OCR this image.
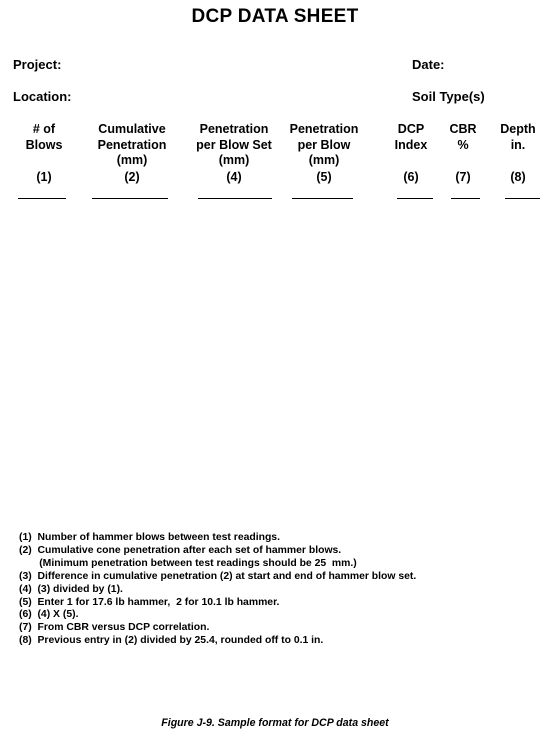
DCP DATA SHEET
Project:	Date:
Location:	Soil Type(s)
# of
Blows
(1)
Cumulative
Penetration
(mm)
(2)
Penetration
per Blow Set
(mm)
(4)
Penetration
per Blow
(mm)
(5)
DCP
Index
(6)
CBR
%
(7)
Depth
in.
(8)
(1)  Number of hammer blows between test readings.
(2)  Cumulative cone penetration after each set of hammer blows.
(Minimum penetration between test readings should be 25  mm.)
(3)  Difference in cumulative penetration (2) at start and end of hammer blow set.
(4)  (3) divided by (1).
(5)  Enter 1 for 17.6 lb hammer,  2 for 10.1 lb hammer.
(6)  (4) X (5).
(7)  From CBR versus DCP correlation.
(8)  Previous entry in (2) divided by 25.4, rounded off to 0.1 in.
Figure J-9. Sample format for DCP data sheet
